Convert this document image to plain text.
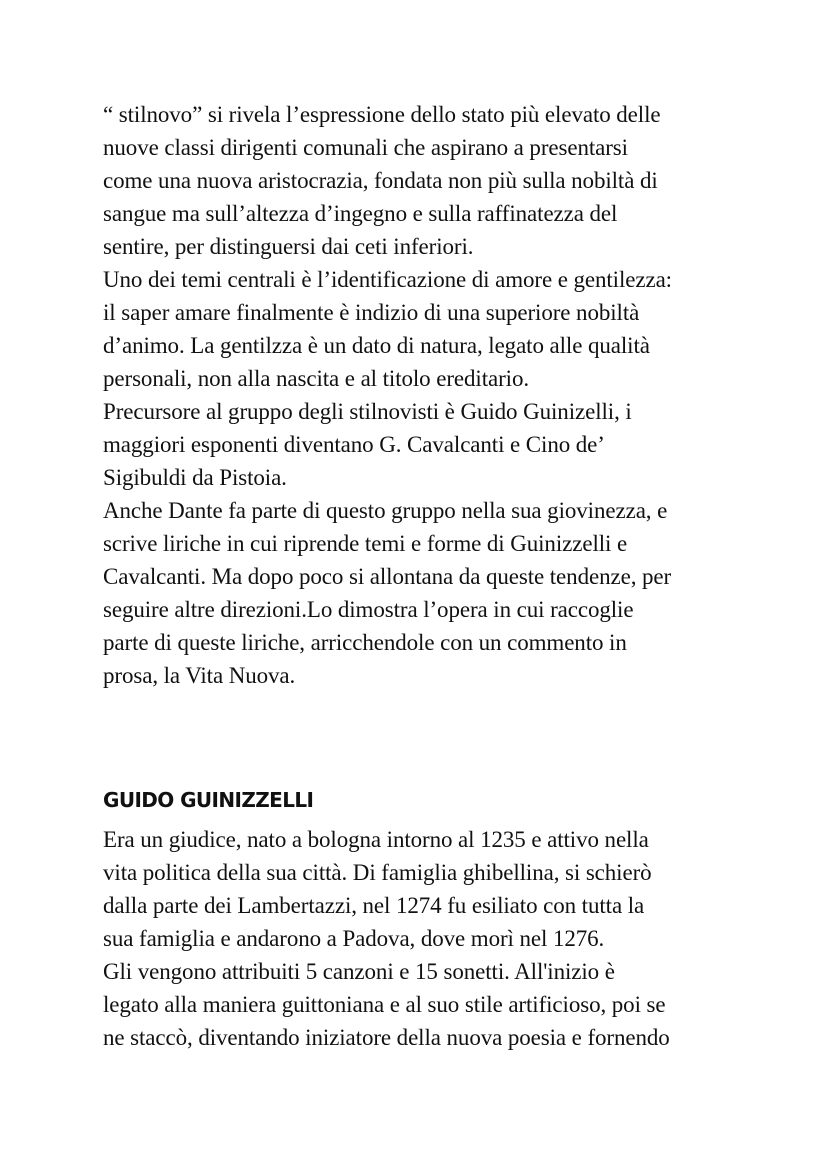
“ stilnovo” si rivela l’espressione dello stato più elevato delle
nuove classi dirigenti comunali che aspirano a presentarsi
come una nuova aristocrazia, fondata non più sulla nobiltà di
sangue ma sull’altezza d’ingegno e sulla raffinatezza del
sentire, per distinguersi dai ceti inferiori.
Uno dei temi centrali è l’identificazione di amore e gentilezza:
il saper amare finalmente è indizio di una superiore nobiltà
d’animo. La gentilzza è un dato di natura, legato alle qualità
personali, non alla nascita e al titolo ereditario.
Precursore al gruppo degli stilnovisti è Guido Guinizelli, i
maggiori esponenti diventano G. Cavalcanti e Cino de’
Sigibuldi da Pistoia.
Anche Dante fa parte di questo gruppo nella sua giovinezza, e
scrive liriche in cui riprende temi e forme di Guinizzelli e
Cavalcanti. Ma dopo poco si allontana da queste tendenze, per
seguire altre direzioni.Lo dimostra l’opera in cui raccoglie
parte di queste liriche, arricchendole con un commento in
prosa, la Vita Nuova.
GUIDO GUINIZZELLI
Era un giudice, nato a bologna intorno al 1235 e attivo nella
vita politica della sua città. Di famiglia ghibellina, si schierò
dalla parte dei Lambertazzi, nel 1274 fu esiliato con tutta la
sua famiglia e andarono a Padova, dove morì nel 1276.
Gli vengono attribuiti 5 canzoni e 15 sonetti. All'inizio è
legato alla maniera guittoniana e al suo stile artificioso, poi se
ne staccò, diventando iniziatore della nuova poesia e fornendo
